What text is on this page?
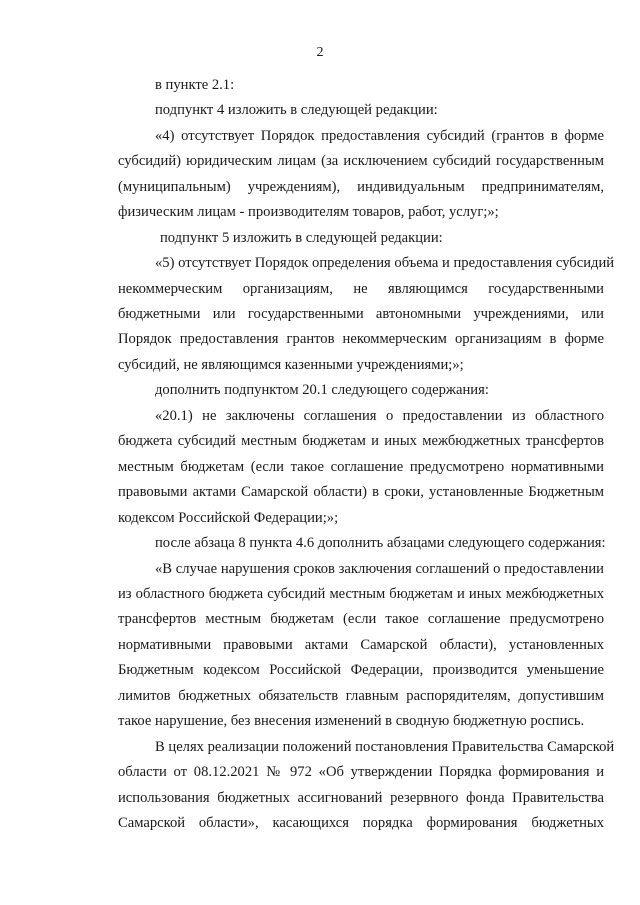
2
в пункте 2.1:
подпункт 4 изложить в следующей редакции:
«4) отсутствует Порядок предоставления субсидий (грантов в форме
субсидий) юридическим лицам (за исключением субсидий государственным
(муниципальным) учреждениям), индивидуальным предпринимателям,
физическим лицам - производителям товаров, работ, услуг;»;
подпункт 5 изложить в следующей редакции:
«5) отсутствует Порядок определения объема и предоставления субсидий
некоммерческим организациям, не являющимся государственными
бюджетными или государственными автономными учреждениями, или
Порядок предоставления грантов некоммерческим организациям в форме
субсидий, не являющимся казенными учреждениями;»;
дополнить подпунктом 20.1 следующего содержания:
«20.1) не заключены соглашения о предоставлении из областного
бюджета субсидий местным бюджетам и иных межбюджетных трансфертов
местным бюджетам (если такое соглашение предусмотрено нормативными
правовыми актами Самарской области) в сроки, установленные Бюджетным
кодексом Российской Федерации;»;
после абзаца 8 пункта 4.6 дополнить абзацами следующего содержания:
«В случае нарушения сроков заключения соглашений о предоставлении
из областного бюджета субсидий местным бюджетам и иных межбюджетных
трансфертов местным бюджетам (если такое соглашение предусмотрено
нормативными правовыми актами Самарской области), установленных
Бюджетным кодексом Российской Федерации, производится уменьшение
лимитов бюджетных обязательств главным распорядителям, допустившим
такое нарушение, без внесения изменений в сводную бюджетную роспись.
В целях реализации положений постановления Правительства Самарской
области от 08.12.2021 № 972 «Об утверждении Порядка формирования и
использования бюджетных ассигнований резервного фонда Правительства
Самарской области», касающихся порядка формирования бюджетных
